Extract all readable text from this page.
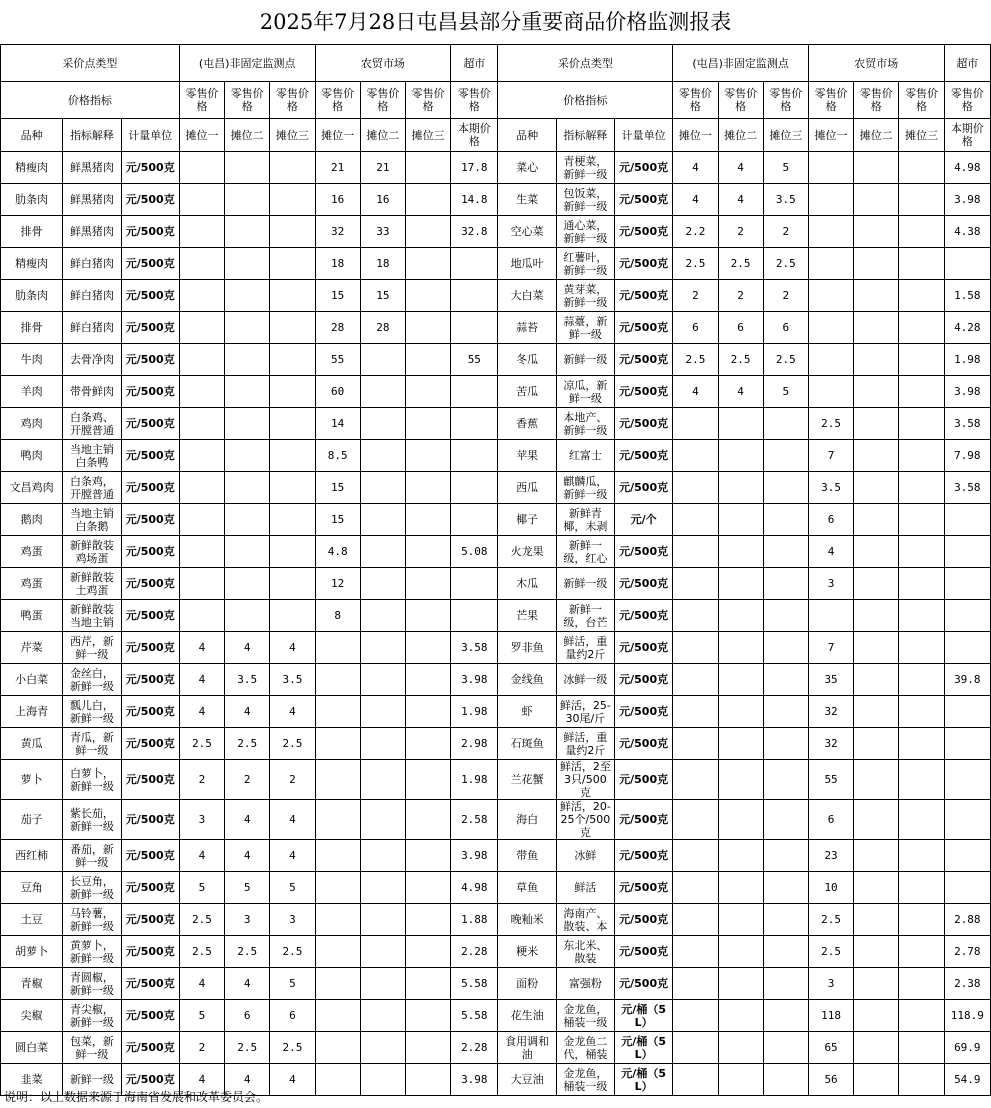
2025年7月28日屯昌县部分重要商品价格监测报表
采价点类型			(屯昌)非固定监测点			农贸市场			超市	采价点类型			(屯昌)非固定监测点			农贸市场			超市
价格指标			零售价格	零售价格	零售价格	零售价格	零售价格	零售价格	零售价格	价格指标			零售价格	零售价格	零售价格	零售价格	零售价格	零售价格	零售价格
品种	指标解释	计量单位	摊位一	摊位二	摊位三	摊位一	摊位二	摊位三	本期价格	品种	指标解释	计量单位	摊位一	摊位二	摊位三	摊位一	摊位二	摊位三	本期价格
精瘦肉	鲜黑猪肉	元/500克				21	21		17.8	菜心	青梗菜，新鲜一级	元/500克	4	4	5				4.98
肋条肉	鲜黑猪肉	元/500克				16	16		14.8	生菜	包饭菜，新鲜一级	元/500克	4	4	3.5				3.98
排骨	鲜黑猪肉	元/500克				32	33		32.8	空心菜	通心菜，新鲜一级	元/500克	2.2	2	2				4.38
精瘦肉	鲜白猪肉	元/500克				18	18			地瓜叶	红薯叶，新鲜一级	元/500克	2.5	2.5	2.5				
肋条肉	鲜白猪肉	元/500克				15	15			大白菜	黄芽菜，新鲜一级	元/500克	2	2	2				1.58
排骨	鲜白猪肉	元/500克				28	28			蒜苔	蒜薹，新鲜一级	元/500克	6	6	6				4.28
牛肉	去骨净肉	元/500克				55			55	冬瓜	新鲜一级	元/500克	2.5	2.5	2.5				1.98
羊肉	带骨鲜肉	元/500克				60				苦瓜	凉瓜，新鲜一级	元/500克	4	4	5				3.98
鸡肉	白条鸡、开膛普通	元/500克				14				香蕉	本地产、新鲜一级	元/500克				2.5			3.58
鸭肉	当地主销白条鸭	元/500克				8.5				苹果	红富士	元/500克				7			7.98
文昌鸡肉	白条鸡，开膛普通	元/500克				15				西瓜	麒麟瓜，新鲜一级	元/500克				3.5			3.58
鹅肉	当地主销白条鹅	元/500克				15				椰子	新鲜青椰，未剥	元/个				6			
鸡蛋	新鲜散装鸡场蛋	元/500克				4.8			5.08	火龙果	新鲜一级，红心	元/500克				4			
鸡蛋	新鲜散装土鸡蛋	元/500克				12				木瓜	新鲜一级	元/500克				3			
鸭蛋	新鲜散装当地主销	元/500克				8				芒果	新鲜一级，台芒	元/500克							
芹菜	西芹，新鲜一级	元/500克	4	4	4				3.58	罗非鱼	鲜活，重量约2斤	元/500克				7			
小白菜	金丝白，新鲜一级	元/500克	4	3.5	3.5				3.98	金线鱼	冰鲜一级	元/500克				35			39.8
上海青	瓢儿白，新鲜一级	元/500克	4	4	4				1.98	虾	鲜活，25-30尾/斤	元/500克				32			
黄瓜	青瓜，新鲜一级	元/500克	2.5	2.5	2.5				2.98	石斑鱼	鲜活，重量约2斤	元/500克				32			
萝卜	白萝卜，新鲜一级	元/500克	2	2	2				1.98	兰花蟹	鲜活，2至3只/500克	元/500克				55			
茄子	紫长茄，新鲜一级	元/500克	3	4	4				2.58	海白	鲜活，20-25个/500克	元/500克				6			
西红柿	番茄，新鲜一级	元/500克	4	4	4				3.98	带鱼	冰鲜	元/500克				23			
豆角	长豆角，新鲜一级	元/500克	5	5	5				4.98	草鱼	鲜活	元/500克				10			
土豆	马铃薯，新鲜一级	元/500克	2.5	3	3				1.88	晚籼米	海南产、散装、本	元/500克				2.5			2.88
胡萝卜	黄萝卜，新鲜一级	元/500克	2.5	2.5	2.5				2.28	粳米	东北米、散装	元/500克				2.5			2.78
青椒	青圆椒，新鲜一级	元/500克	4	4	5				5.58	面粉	富强粉	元/500克				3			2.38
尖椒	青尖椒，新鲜一级	元/500克	5	6	6				5.58	花生油	金龙鱼，桶装一级	元/桶（5L）				118			118.9
圆白菜	包菜，新鲜一级	元/500克	2	2.5	2.5				2.28	食用调和油	金龙鱼二代，桶装	元/桶（5L）				65			69.9
韭菜	新鲜一级	元/500克	4	4	4				3.98	大豆油	金龙鱼，桶装一级	元/桶（5L）				56			54.9
说明：以上数据来源于海南省发展和改革委员会。
